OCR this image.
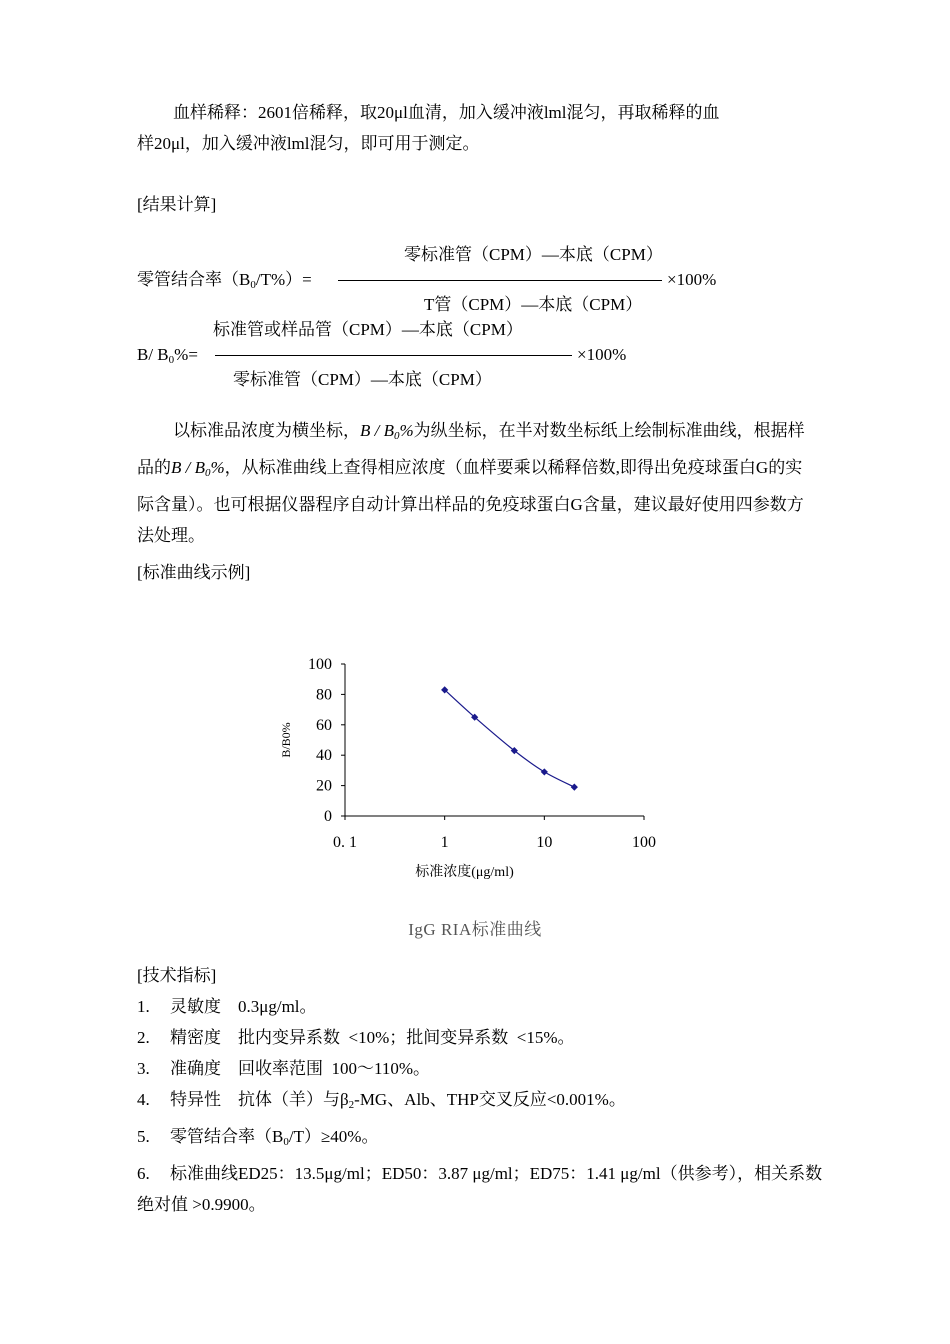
血样稀释：2601倍稀释，取20μl血清，加入缓冲液lml混匀，再取稀释的血
样20μl，加入缓冲液lml混匀，即可用于测定。

[结果计算]
零标准管（CPM）—本底（CPM）
零管结合率$(B_0/T\%)=$	×100%
T管（CPM）—本底（CPM）
标准管或样品管（CPM）—本底（CPM）
B/ $B_0\%=$	×100%
零标准管（CPM）—本底（CPM）

以标准品浓度为横坐标，B / $B_0\%$为纵坐标，在半对数坐标纸上绘制标准曲线，根据样品的B / $B_0\%$，从标准曲线上查得相应浓度（血样要乘以稀释倍数,即得出免疫球蛋白G的实际含量）。也可根据仪器程序自动计算出样品的免疫球蛋白G含量，建议最好使用四参数方法处理。

[标准曲线示例]
0
20
40
60
80
100
0. 1	1	10	100
B/B0%
标准浓度(μg/ml)
IgG RIA标准曲线
[技术指标]
1. 灵敏度    0.3μg/ml。
2. 精密度    批内变异系数  <10%；批间变异系数  <15%。
3. 准确度    回收率范围  100～110%。
4. 特异性    抗体（羊）与$\beta_2-MG$、Alb、THP交叉反应<0.001%。
5. 零管结合率$(B_0/T)\ge 40\%$。
6. 标准曲线ED25：13.5μg/ml；ED50：3.87 μg/ml；ED75：1.41 μg/ml（供参考），相关系数绝对值 >0.9900。
